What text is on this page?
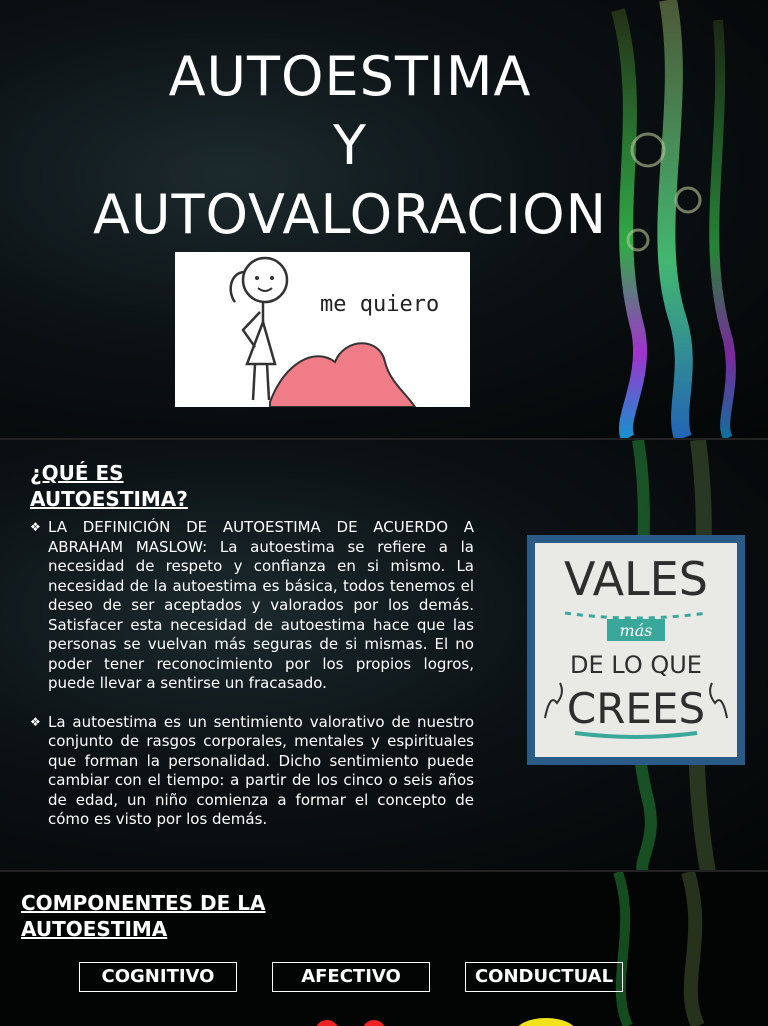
AUTOESTIMA
Y
AUTOVALORACION
me quiero
¿QUÉ ES
AUTOESTIMA?
❖ LA DEFINICIÓN DE AUTOESTIMA DE ACUERDO A ABRAHAM MASLOW: La autoestima se refiere a la necesidad de respeto y confianza en si mismo. La necesidad de la autoestima es básica, todos tenemos el deseo de ser aceptados y valorados por los demás. Satisfacer esta necesidad de autoestima hace que las personas se vuelvan más seguras de si mismas. El no poder tener reconocimiento por los propios logros, puede llevar a sentirse un fracasado.
❖ La autoestima es un sentimiento valorativo de nuestro conjunto de rasgos corporales, mentales y espirituales que forman la personalidad. Dicho sentimiento puede cambiar con el tiempo: a partir de los cinco o seis años de edad, un niño comienza a formar el concepto de cómo es visto por los demás.
VALES
más
DE LO QUE
CREES
COMPONENTES DE LA
AUTOESTIMA
COGNITIVO	AFECTIVO	CONDUCTUAL
